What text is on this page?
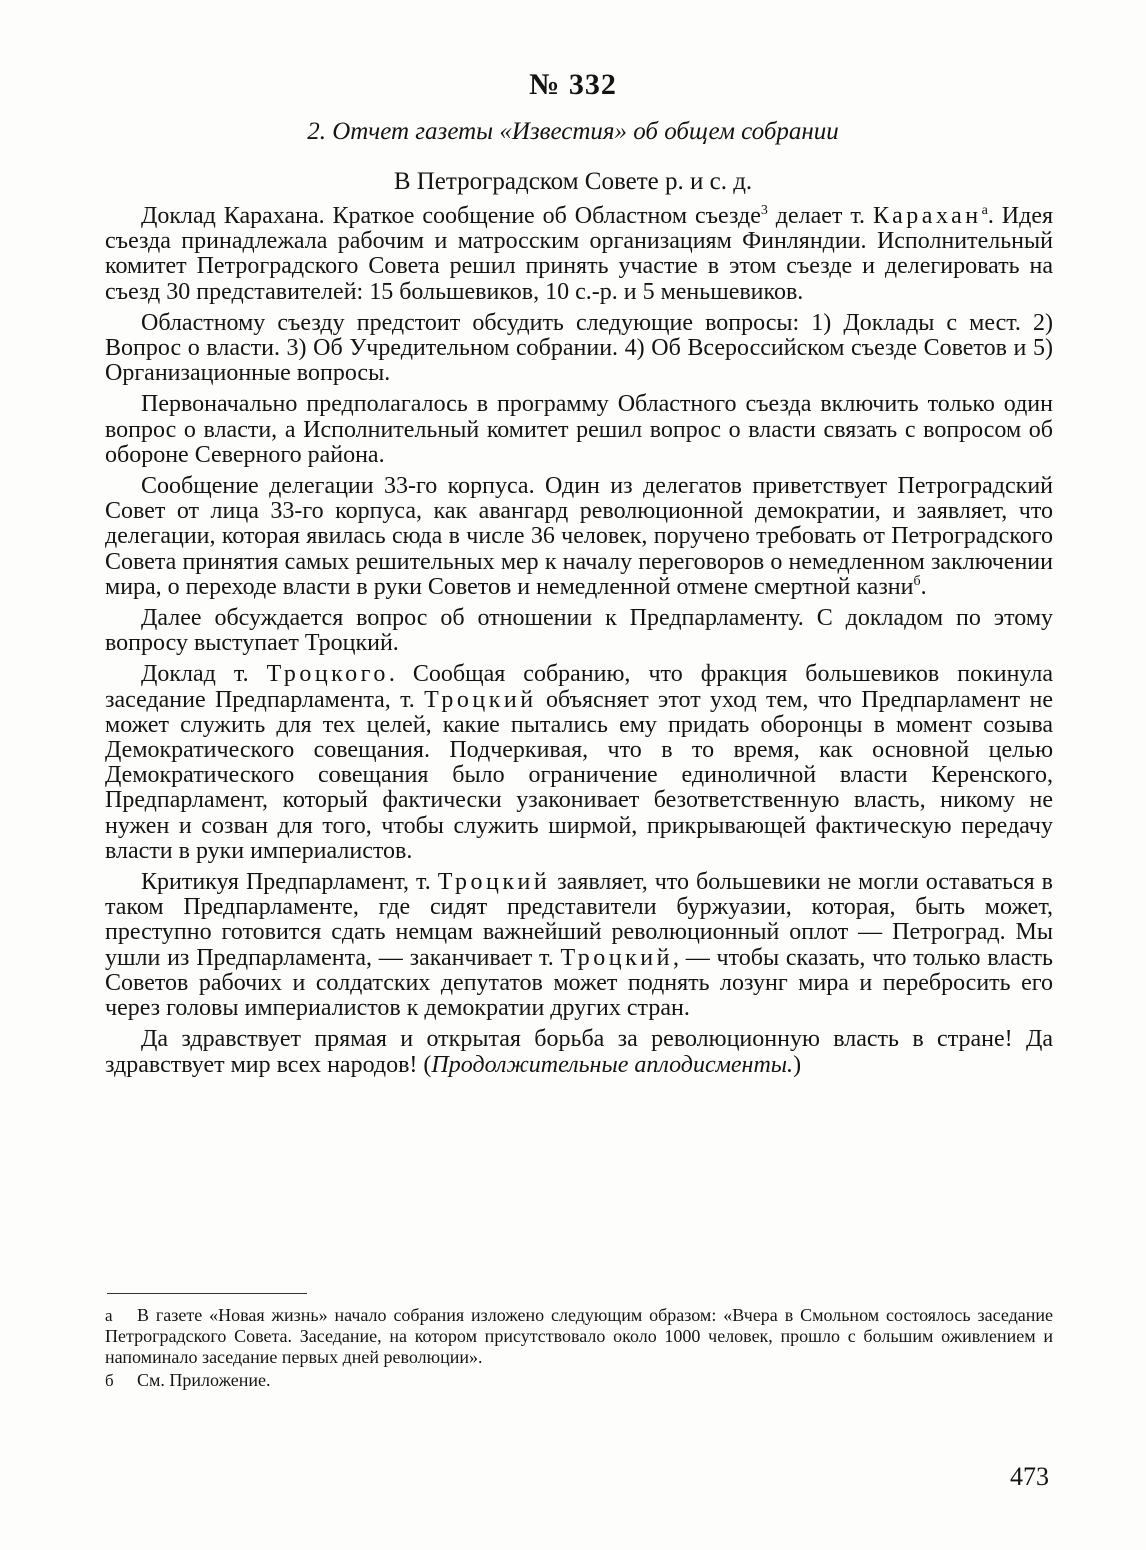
№ 332
2. Отчет газеты «Известия» об общем собрании
В Петроградском Совете р. и с. д.

Доклад Карахана. Краткое сообщение об Областном съезде$^3$ делает т. Карахан$^а$. Идея съезда принадлежала рабочим и матросским организациям Финляндии. Исполнительный комитет Петроградского Совета решил принять участие в этом съезде и делегировать на съезд 30 представителей: 15 большевиков, 10 с.-р. и 5 меньшевиков.

Областному съезду предстоит обсудить следующие вопросы: 1) Доклады с мест. 2) Вопрос о власти. 3) Об Учредительном собрании. 4) Об Всероссийском съезде Советов и 5) Организационные вопросы.

Первоначально предполагалось в программу Областного съезда включить только один вопрос о власти, а Исполнительный комитет решил вопрос о власти связать с вопросом об обороне Северного района.

Сообщение делегации 33-го корпуса. Один из делегатов приветствует Петроградский Совет от лица 33-го корпуса, как авангард революционной демократии, и заявляет, что делегации, которая явилась сюда в числе 36 человек, поручено требовать от Петроградского Совета принятия самых решительных мер к началу переговоров о немедленном заключении мира, о переходе власти в руки Советов и немедленной отмене смертной казни$^б$.

Далее обсуждается вопрос об отношении к Предпарламенту. С докладом по этому вопросу выступает Троцкий.

Доклад т. Троцкого. Сообщая собранию, что фракция большевиков покинула заседание Предпарламента, т. Троцкий объясняет этот уход тем, что Предпарламент не может служить для тех целей, какие пытались ему придать оборонцы в момент созыва Демократического совещания. Подчеркивая, что в то время, как основной целью Демократического совещания было ограничение единоличной власти Керенского, Предпарламент, который фактически узаконивает безответственную власть, никому не нужен и созван для того, чтобы служить ширмой, прикрывающей фактическую передачу власти в руки империалистов.

Критикуя Предпарламент, т. Троцкий заявляет, что большевики не могли оставаться в таком Предпарламенте, где сидят представители буржуазии, которая, быть может, преступно готовится сдать немцам важнейший революционный оплот — Петроград. Мы ушли из Предпарламента, — заканчивает т. Троцкий, — чтобы сказать, что только власть Советов рабочих и солдатских депутатов может поднять лозунг мира и перебросить его через головы империалистов к демократии других стран.

Да здравствует прямая и открытая борьба за революционную власть в стране! Да здравствует мир всех народов! (Продолжительные аплодисменты.)

а В газете «Новая жизнь» начало собрания изложено следующим образом: «Вчера в Смольном состоялось заседание Петроградского Совета. Заседание, на котором присутствовало около 1000 человек, прошло с большим оживлением и напоминало заседание первых дней революции».
б См. Приложение.
473
